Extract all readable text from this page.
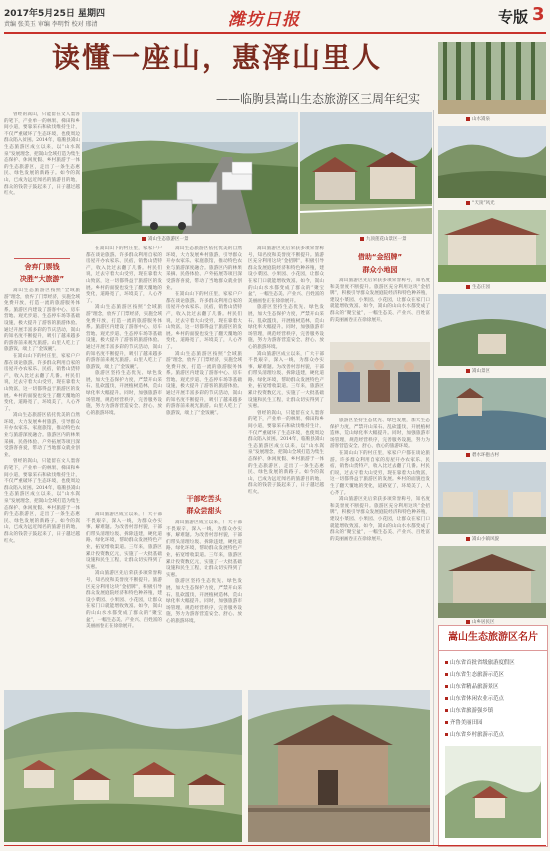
2017年5月25日 星期四
责编 张美玉 审编 李明哲 校对 邢清	潍坊日报	专版 3
读懂一座山，惠泽山里人
——临朐县嵩山生态旅游区三周年纪实
嵩山生态旅游区一景	九顶莲花山景区一景

曾经的嵩山，只能留在文人墨客的笔下，产业单一的林果、梯田和乡间小道，要靠采石和砍伐维持生计，不仅严重破坏了生态环境，也使周边群众陷入贫困。2014年，临朐县嵩山生态旅游区成立以来，以“山水嵩泉”发展理念，把嵩山全域打造为集生态保护、休闲度假、乡村旅游于一体的生态旅游区，走出了一条生态惠民、绿色发展的新路子。如今的嵩山，已成为远近闻名的旅游目的地，群众的钱袋子鼓起来了，日子越过越红火。

舍弃门票钱
决胜“大旅游”

嵩山生态旅游区按照“全域旅游”理念，放弃了门票经济，实施全域免费开放，打造一流的旅游服务体系。旅游区内建设了游客中心、房车营地、观光步道、生态停车场等基础设施，极大提升了游客的旅游体验。通过开展丰富多彩的节庆活动，嵩山的知名度不断提升，吸引了越来越多的游客前来观光旅游。山里人吃上了旅游饭，端上了“金饭碗”。

在嵩山山下的村庄里，家家户户都在谈论旅游。许多群众利用自家的房屋开办农家乐、民宿，销售山货特产，收入比过去翻了几番。村民们说，过去守着大山受穷，现在靠着大山致富，这一切都得益于旅游区的发展。乡村的面貌也发生了翻天覆地的变化，道路宽了，环境美了，人心齐了。

嵩山生态旅游区依托优美的自然环境，大力发展乡村旅游，引导群众开办农家乐、家庭旅馆，推动特色农业与旅游深度融合。旅游区内的林果采摘、民俗体验、户外拓展等项目深受游客喜爱，带动了当地群众就业创业。

曾经的嵩山，只能留在文人墨客的笔下，产业单一的林果、梯田和乡间小道，要靠采石和砍伐维持生计，不仅严重破坏了生态环境，也使周边群众陷入贫困。2014年，临朐县嵩山生态旅游区成立以来，以“山水嵩泉”发展理念，把嵩山全域打造为集生态保护、休闲度假、乡村旅游于一体的生态旅游区，走出了一条生态惠民、绿色发展的新路子。如今的嵩山，已成为远近闻名的旅游目的地，群众的钱袋子鼓起来了，日子越过越红火。

在嵩山山下的村庄里，家家户户都在谈论旅游。许多群众利用自家的房屋开办农家乐、民宿，销售山货特产，收入比过去翻了几番。村民们说，过去守着大山受穷，现在靠着大山致富，这一切都得益于旅游区的发展。乡村的面貌也发生了翻天覆地的变化，道路宽了，环境美了，人心齐了。

嵩山生态旅游区按照“全域旅游”理念，放弃了门票经济，实施全域免费开放，打造一流的旅游服务体系。旅游区内建设了游客中心、房车营地、观光步道、生态停车场等基础设施，极大提升了游客的旅游体验。通过开展丰富多彩的节庆活动，嵩山的知名度不断提升，吸引了越来越多的游客前来观光旅游。山里人吃上了旅游饭，端上了“金饭碗”。

旅游区坚持生态优先、绿色发展，加大生态保护力度，严禁开山采石、乱砍滥伐，开展植树造林，荒山绿化率大幅提升。同时，加强旅游市场管理，规范经营秩序，完善服务设施，努力为游客营造安全、舒心、放心的旅游环境。

干部吃苦头
群众尝甜头

嵩山旅游区成立以来，广大干部不畏艰辛，深入一线，为群众办实事、解难题。为改善村容村貌，干部们带头清理垃圾、拆除违建，硬化道路、绿化环境，帮助群众发展特色产业，拓宽增收渠道。三年来，旅游区累计投资数亿元，实施了一大批基础设施和民生工程，让群众切实得到了实惠。

嵩山旅游区先后荣获多项荣誉称号，知名度和美誉度不断提升。旅游区充分利用这块“金招牌”，积极引导群众发展庭院经济和特色种养殖，建设小菜园、小果园、小花园，让群众在家门口就能增收致富。如今，嵩山的山山水水都变成了群众的“聚宝盆”，一幅生态美、产业兴、百姓富的美丽画卷正在徐徐展开。

嵩山生态旅游区依托优美的自然环境，大力发展乡村旅游，引导群众开办农家乐、家庭旅馆，推动特色农业与旅游深度融合。旅游区内的林果采摘、民俗体验、户外拓展等项目深受游客喜爱，带动了当地群众就业创业。

在嵩山山下的村庄里，家家户户都在谈论旅游。许多群众利用自家的房屋开办农家乐、民宿，销售山货特产，收入比过去翻了几番。村民们说，过去守着大山受穷，现在靠着大山致富，这一切都得益于旅游区的发展。乡村的面貌也发生了翻天覆地的变化，道路宽了，环境美了，人心齐了。

嵩山生态旅游区按照“全域旅游”理念，放弃了门票经济，实施全域免费开放，打造一流的旅游服务体系。旅游区内建设了游客中心、房车营地、观光步道、生态停车场等基础设施，极大提升了游客的旅游体验。通过开展丰富多彩的节庆活动，嵩山的知名度不断提升，吸引了越来越多的游客前来观光旅游。山里人吃上了旅游饭，端上了“金饭碗”。

嵩山旅游区成立以来，广大干部不畏艰辛，深入一线，为群众办实事、解难题。为改善村容村貌，干部们带头清理垃圾、拆除违建，硬化道路、绿化环境，帮助群众发展特色产业，拓宽增收渠道。三年来，旅游区累计投资数亿元，实施了一大批基础设施和民生工程，让群众切实得到了实惠。

旅游区坚持生态优先、绿色发展，加大生态保护力度，严禁开山采石、乱砍滥伐，开展植树造林，荒山绿化率大幅提升。同时，加强旅游市场管理，规范经营秩序，完善服务设施，努力为游客营造安全、舒心、放心的旅游环境。

嵩山旅游区先后荣获多项荣誉称号，知名度和美誉度不断提升。旅游区充分利用这块“金招牌”，积极引导群众发展庭院经济和特色种养殖，建设小菜园、小果园、小花园，让群众在家门口就能增收致富。如今，嵩山的山山水水都变成了群众的“聚宝盆”，一幅生态美、产业兴、百姓富的美丽画卷正在徐徐展开。

旅游区坚持生态优先、绿色发展，加大生态保护力度，严禁开山采石、乱砍滥伐，开展植树造林，荒山绿化率大幅提升。同时，加强旅游市场管理，规范经营秩序，完善服务设施，努力为游客营造安全、舒心、放心的旅游环境。

嵩山旅游区成立以来，广大干部不畏艰辛，深入一线，为群众办实事、解难题。为改善村容村貌，干部们带头清理垃圾、拆除违建，硬化道路、绿化环境，帮助群众发展特色产业，拓宽增收渠道。三年来，旅游区累计投资数亿元，实施了一大批基础设施和民生工程，让群众切实得到了实惠。

曾经的嵩山，只能留在文人墨客的笔下，产业单一的林果、梯田和乡间小道，要靠采石和砍伐维持生计，不仅严重破坏了生态环境，也使周边群众陷入贫困。2014年，临朐县嵩山生态旅游区成立以来，以“山水嵩泉”发展理念，把嵩山全域打造为集生态保护、休闲度假、乡村旅游于一体的生态旅游区，走出了一条生态惠民、绿色发展的新路子。如今的嵩山，已成为远近闻名的旅游目的地，群众的钱袋子鼓起来了，日子越过越红火。

借助“金招牌”
群众小地园

嵩山旅游区先后荣获多项荣誉称号，知名度和美誉度不断提升。旅游区充分利用这块“金招牌”，积极引导群众发展庭院经济和特色种养殖，建设小菜园、小果园、小花园，让群众在家门口就能增收致富。如今，嵩山的山山水水都变成了群众的“聚宝盆”，一幅生态美、产业兴、百姓富的美丽画卷正在徐徐展开。

旅游区坚持生态优先、绿色发展，加大生态保护力度，严禁开山采石、乱砍滥伐，开展植树造林，荒山绿化率大幅提升。同时，加强旅游市场管理，规范经营秩序，完善服务设施，努力为游客营造安全、舒心、放心的旅游环境。

在嵩山山下的村庄里，家家户户都在谈论旅游。许多群众利用自家的房屋开办农家乐、民宿，销售山货特产，收入比过去翻了几番。村民们说，过去守着大山受穷，现在靠着大山致富，这一切都得益于旅游区的发展。乡村的面貌也发生了翻天覆地的变化，道路宽了，环境美了，人心齐了。

嵩山旅游区先后荣获多项荣誉称号，知名度和美誉度不断提升。旅游区充分利用这块“金招牌”，积极引导群众发展庭院经济和特色种养殖，建设小菜园、小果园、小花园，让群众在家门口就能增收致富。如今，嵩山的山山水水都变成了群众的“聚宝盆”，一幅生态美、产业兴、百姓富的美丽画卷正在徐徐展开。

山水嵩泉
“天顶”风光
生态庄园
嵩山景区
碧水环抱古村
嵩山小镇风貌
山乡居民区
嵩山生态旅游区名片
山东省首批省级旅游度假区
山东省生态旅游示范区
山东省精品旅游景区
山东省休闲农业示范点
山东省旅游强乡镇
齐鲁美丽田园
山东省乡村旅游示范点
